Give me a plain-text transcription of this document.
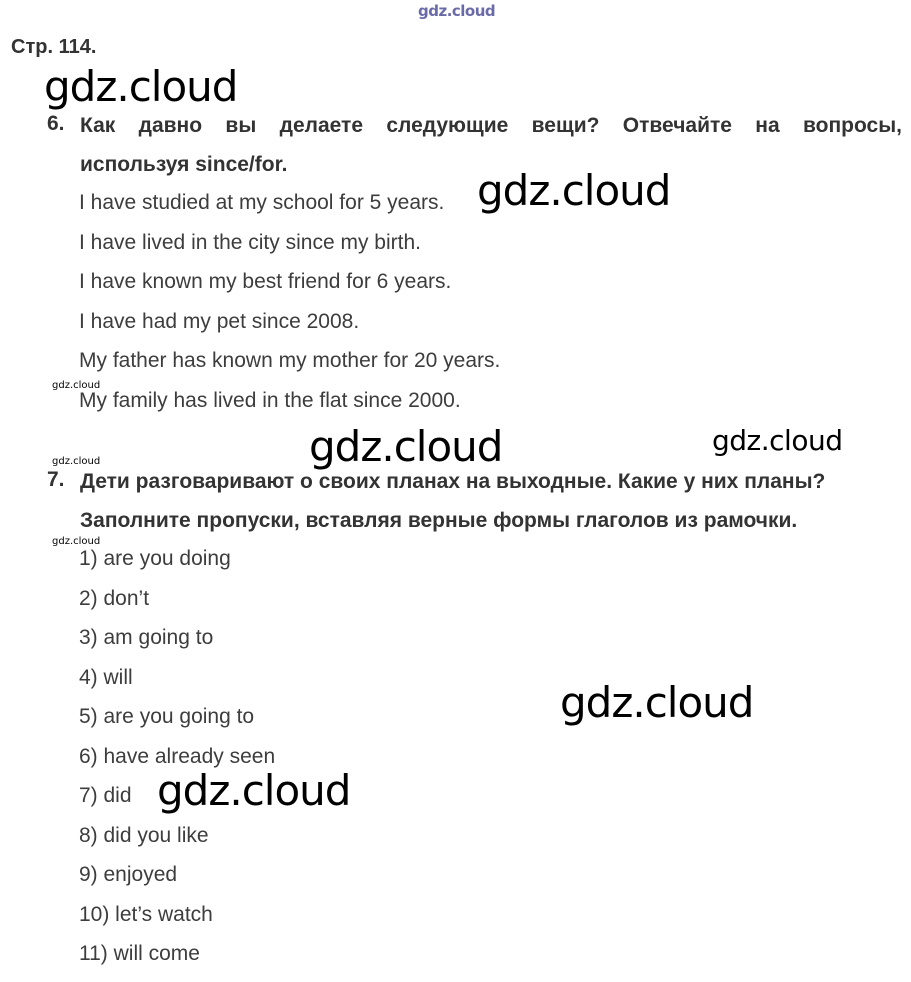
gdz.cloud
Стр. 114.
gdz.cloud
gdz.cloud
gdz.cloud	gdz.cloud
gdz.cloud
gdz.cloud
gdz.cloud
gdz.cloud
gdz.cloud
6. Как давно вы делаете следующие вещи? Отвечайте на вопросы,
используя since/for.
I have studied at my school for 5 years.
I have lived in the city since my birth.
I have known my best friend for 6 years.
I have had my pet since 2008.
My father has known my mother for 20 years.
My family has lived in the flat since 2000.
7. Дети разговаривают о своих планах на выходные. Какие у них планы?
Заполните пропуски, вставляя верные формы глаголов из рамочки.
1) are you doing
2) don’t
3) am going to
4) will
5) are you going to
6) have already seen
7) did
8) did you like
9) enjoyed
10) let’s watch
11) will come
